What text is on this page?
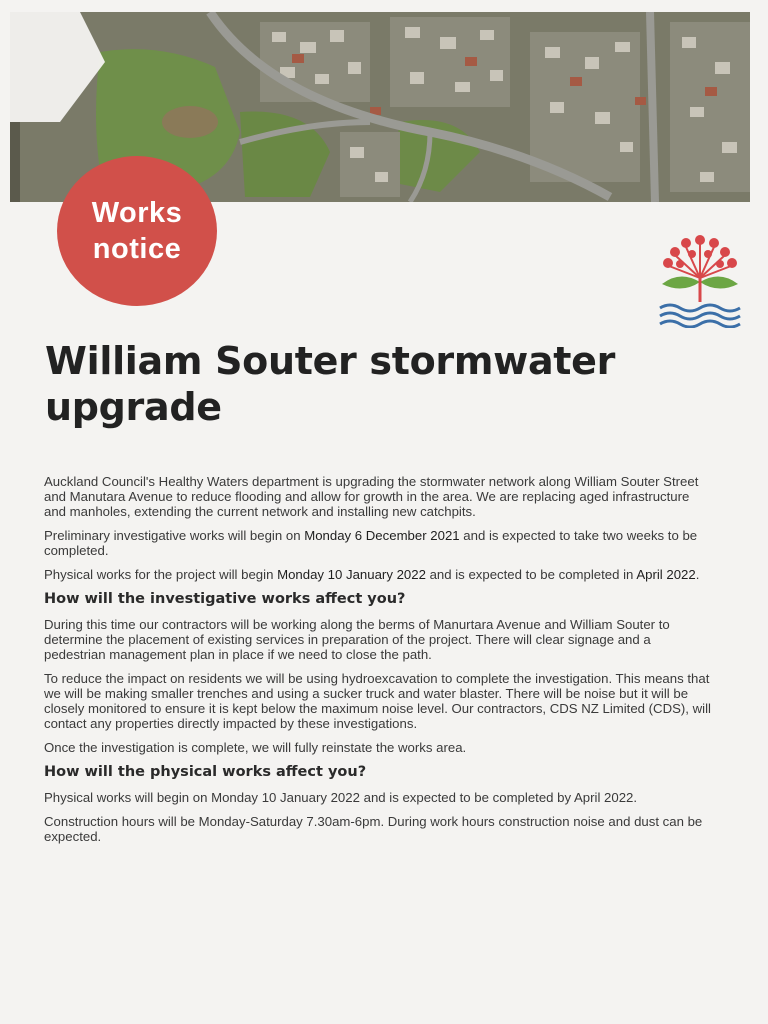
Works
notice
William Souter stormwater
upgrade

Auckland Council's Healthy Waters department is upgrading the stormwater network along William Souter Street and Manutara Avenue to reduce flooding and allow for growth in the area. We are replacing aged infrastructure and manholes, extending the current network and installing new catchpits.

Preliminary investigative works will begin on Monday 6 December 2021 and is expected to take two weeks to be completed.

Physical works for the project will begin Monday 10 January 2022 and is expected to be completed in April 2022.

How will the investigative works affect you?

During this time our contractors will be working along the berms of Manurtara Avenue and William Souter to determine the placement of existing services in preparation of the project. There will clear signage and a pedestrian management plan in place if we need to close the path.

To reduce the impact on residents we will be using hydroexcavation to complete the investigation. This means that we will be making smaller trenches and using a sucker truck and water blaster. There will be noise but it will be closely monitored to ensure it is kept below the maximum noise level. Our contractors, CDS NZ Limited (CDS), will contact any properties directly impacted by these investigations.

Once the investigation is complete, we will fully reinstate the works area.

How will the physical works affect you?

Physical works will begin on Monday 10 January 2022 and is expected to be completed by April 2022.

Construction hours will be Monday-Saturday 7.30am-6pm. During work hours construction noise and dust can be expected.
